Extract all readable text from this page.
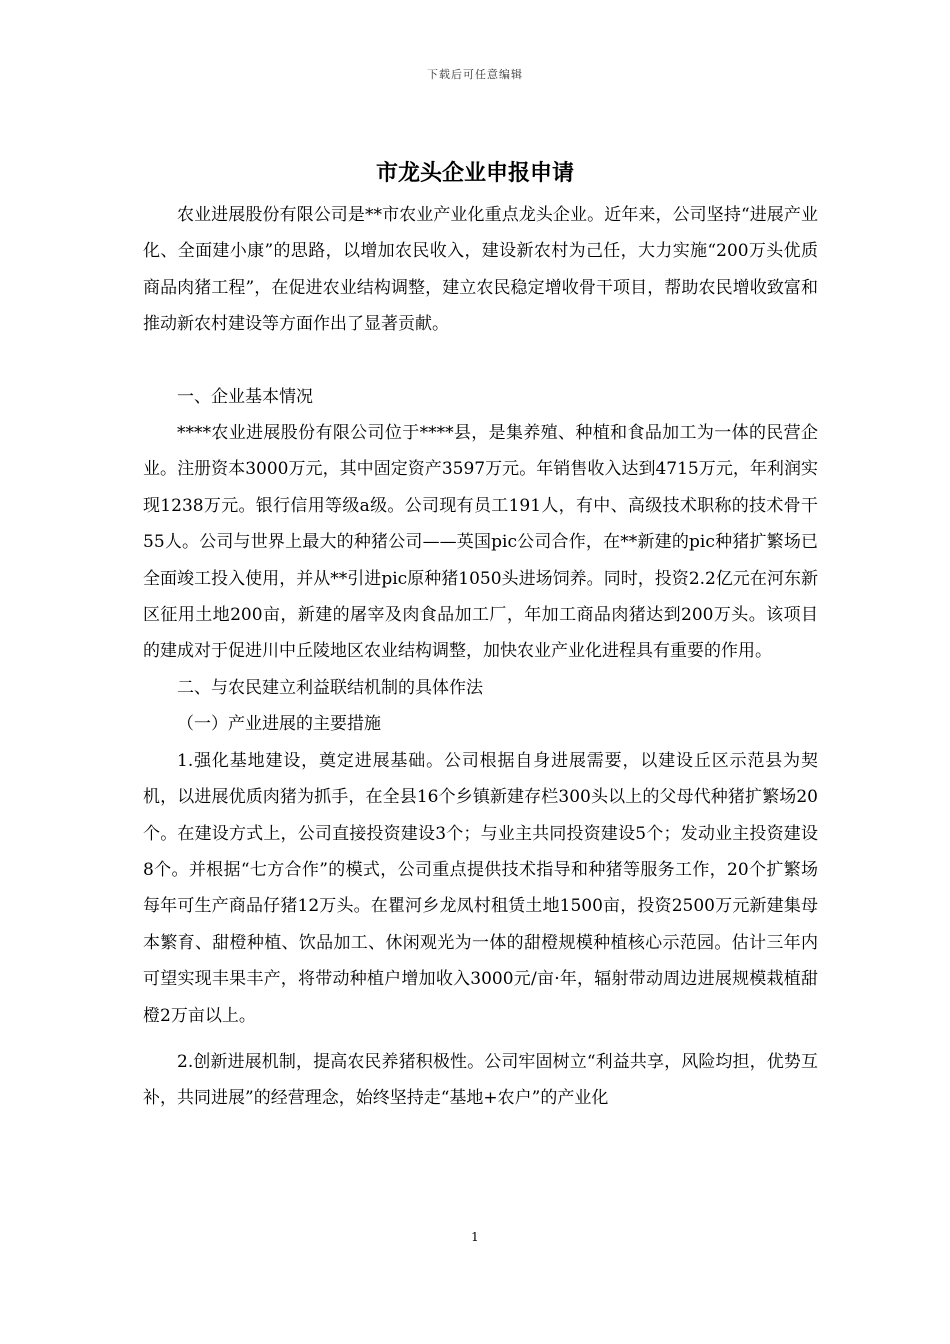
下载后可任意编辑
市龙头企业申报申请

农业进展股份有限公司是**市农业产业化重点龙头企业。近年来，公司坚持“进展产业化、全面建小康”的思路，以增加农民收入，建设新农村为己任，大力实施“200万头优质商品肉猪工程”，在促进农业结构调整，建立农民稳定增收骨干项目，帮助农民增收致富和推动新农村建设等方面作出了显著贡献。

一、企业基本情况

****农业进展股份有限公司位于****县，是集养殖、种植和食品加工为一体的民营企业。注册资本3000万元，其中固定资产3597万元。年销售收入达到4715万元，年利润实现1238万元。银行信用等级a级。公司现有员工191人，有中、高级技术职称的技术骨干55人。公司与世界上最大的种猪公司——英国pic公司合作，在**新建的pic种猪扩繁场已全面竣工投入使用，并从**引进pic原种猪1050头进场饲养。同时，投资2.2亿元在河东新区征用土地200亩，新建的屠宰及肉食品加工厂，年加工商品肉猪达到200万头。该项目的建成对于促进川中丘陵地区农业结构调整，加快农业产业化进程具有重要的作用。

二、与农民建立利益联结机制的具体作法

（一）产业进展的主要措施

1.强化基地建设，奠定进展基础。公司根据自身进展需要，以建设丘区示范县为契机，以进展优质肉猪为抓手，在全县16个乡镇新建存栏300头以上的父母代种猪扩繁场20个。在建设方式上，公司直接投资建设3个；与业主共同投资建设5个；发动业主投资建设8个。并根据“七方合作”的模式，公司重点提供技术指导和种猪等服务工作，20个扩繁场每年可生产商品仔猪12万头。在瞿河乡龙凤村租赁土地1500亩，投资2500万元新建集母本繁育、甜橙种植、饮品加工、休闲观光为一体的甜橙规模种植核心示范园。估计三年内可望实现丰果丰产，将带动种植户增加收入3000元/亩·年，辐射带动周边进展规模栽植甜橙2万亩以上。

2.创新进展机制，提高农民养猪积极性。公司牢固树立“利益共享，风险均担，优势互补，共同进展”的经营理念，始终坚持走“基地+农户”的产业化

1
